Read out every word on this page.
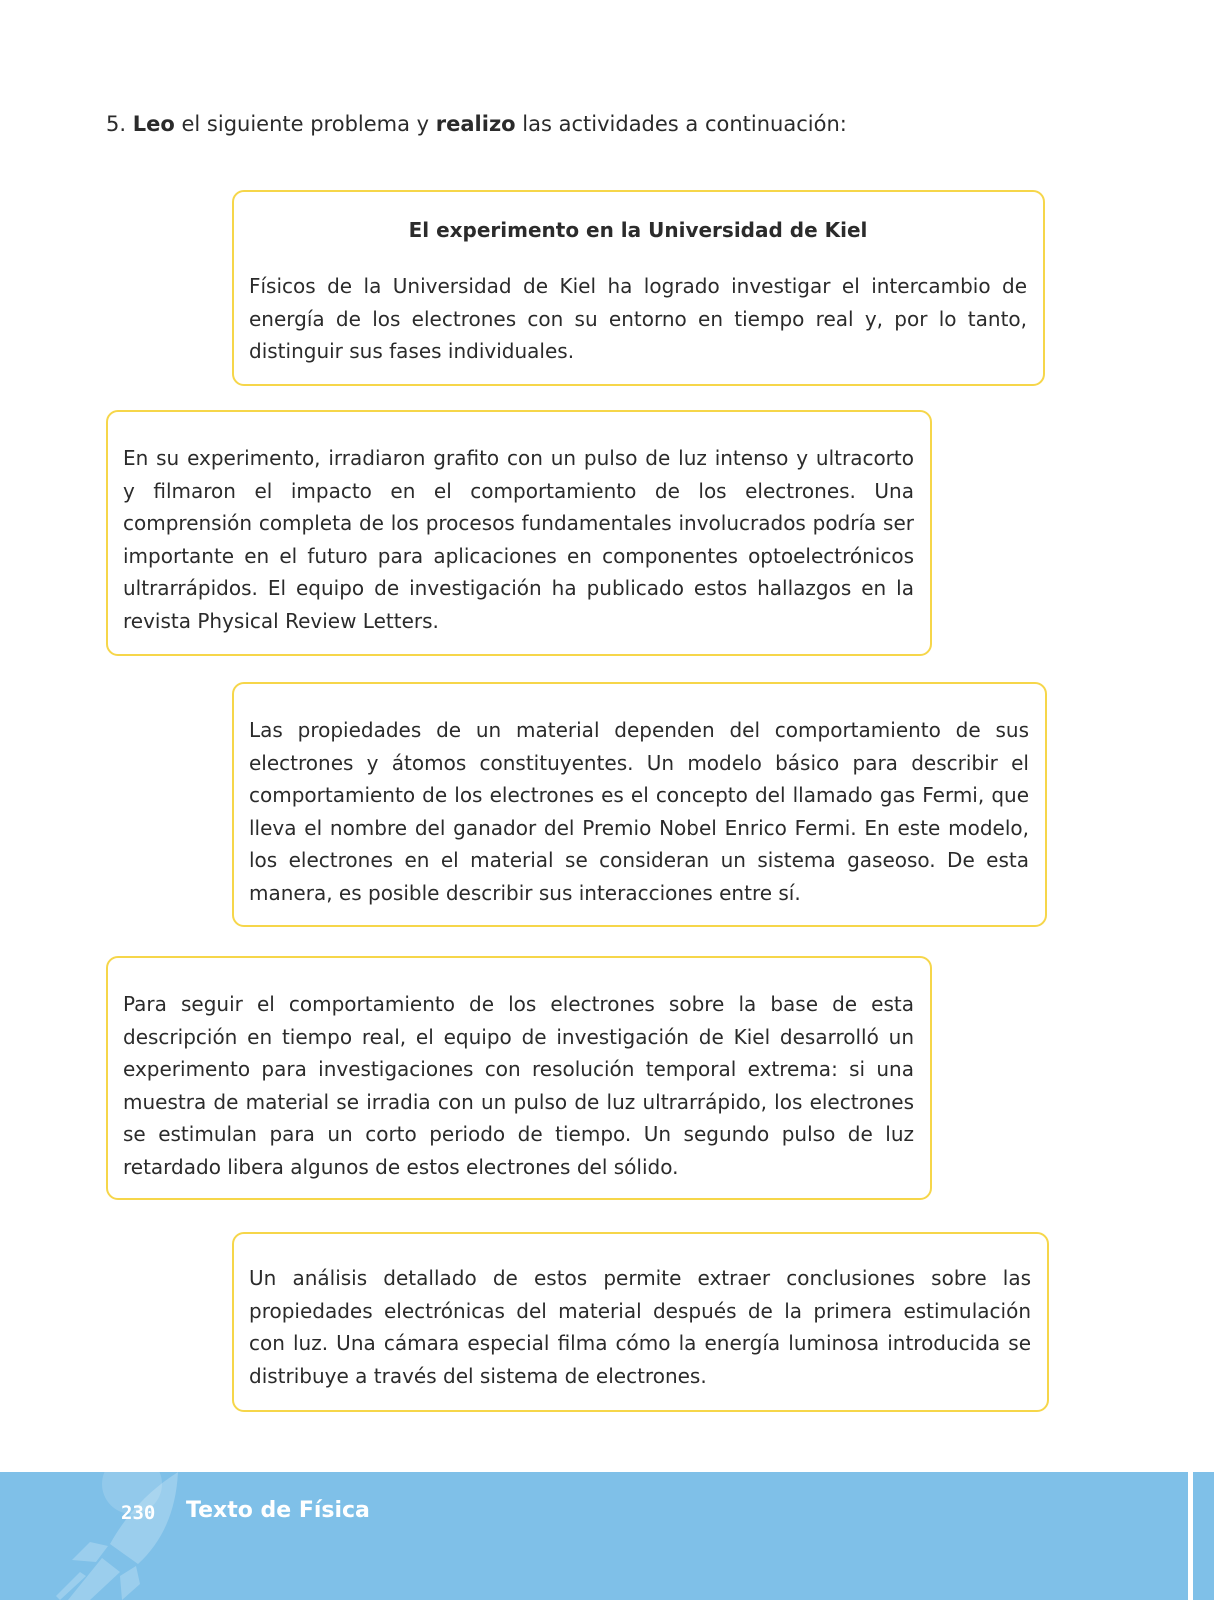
5. Leo el siguiente problema y realizo las actividades a continuación:

El experimento en la Universidad de Kiel

Físicos de la Universidad de Kiel ha logrado investigar el intercambio de energía de los electrones con su entorno en tiempo real y, por lo tanto, distinguir sus fases individuales.

En su experimento, irradiaron grafito con un pulso de luz intenso y ultracorto y filmaron el impacto en el comportamiento de los electrones. Una comprensión completa de los procesos fundamentales involucrados podría ser importante en el futuro para aplicaciones en componentes optoelectrónicos ultrarrápidos. El equipo de investigación ha publicado estos hallazgos en la revista Physical Review Letters.

Las propiedades de un material dependen del comportamiento de sus electrones y átomos constituyentes. Un modelo básico para describir el comportamiento de los electrones es el concepto del llamado gas Fermi, que lleva el nombre del ganador del Premio Nobel Enrico Fermi. En este modelo, los electrones en el material se consideran un sistema gaseoso. De esta manera, es posible describir sus interacciones entre sí.

Para seguir el comportamiento de los electrones sobre la base de esta descripción en tiempo real, el equipo de investigación de Kiel desarrolló un experimento para investigaciones con resolución temporal extrema: si una muestra de material se irradia con un pulso de luz ultrarrápido, los electrones se estimulan para un corto periodo de tiempo. Un segundo pulso de luz retardado libera algunos de estos electrones del sólido.

Un análisis detallado de estos permite extraer conclusiones sobre las propiedades electrónicas del material después de la primera estimulación con luz. Una cámara especial filma cómo la energía luminosa introducida se distribuye a través del sistema de electrones.

230 Texto de Física
